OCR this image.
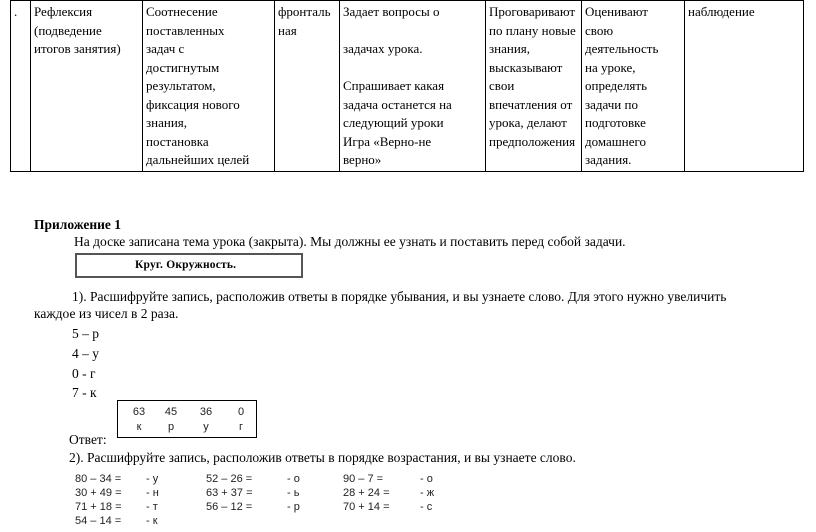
.	Рефлексия
(подведение
итогов занятия)

Соотнесение
поставленных
задач с
достигнутым
результатом,
фиксация нового
знания,
постановка
дальнейших целей

фронталь
ная

Задает вопросы о

задачах урока.

Спрашивает какая
задача останется на
следующий уроки
Игра «Верно-не
верно»

Проговаривают
по плану новые
знания,
высказывают
свои
впечатления от
урока, делают
предположения

Оценивают
свою
деятельность
на уроке,
определять
задачи по
подготовке
домашнего
задания.

наблюдение
Приложение 1
На доске записана тема урока (закрыта). Мы должны ее узнать и поставить перед собой задачи.
Круг. Окружность.
1). Расшифруйте запись, расположив ответы в порядке убывания, и вы узнаете слово. Для этого нужно увеличить
каждое из чисел в 2 раза.
5 – р
4 – у
0 - г
7 - к
63	45	36	0
к	р	у	г
Ответ:
2). Расшифруйте запись, расположив ответы в порядке возрастания, и вы узнаете слово.
80 – 34 = - у	52 – 26 =	- о	90 – 7 =	- о
30 + 49 = - н	63 + 37 =	- ь	28 + 24 =	- ж
71 + 18 = - т	56 – 12 =	- р	70 + 14 =	- с
54 – 14 = - к
